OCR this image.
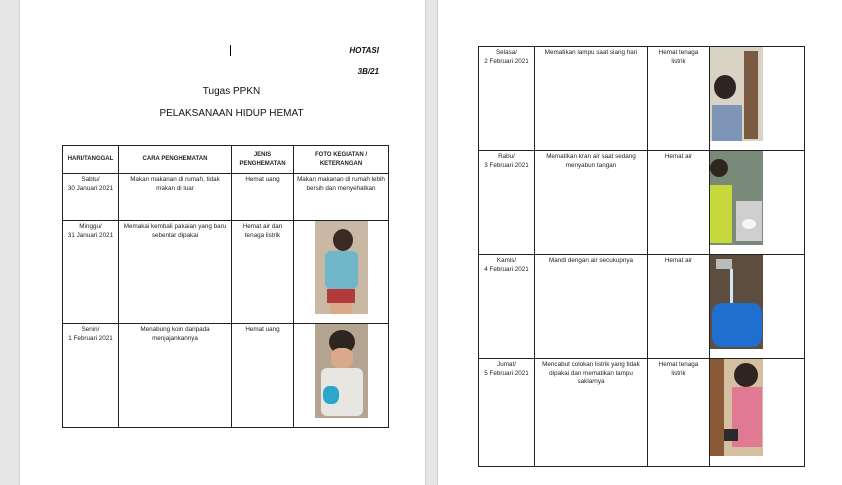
HOTASI
3B/21
Tugas PPKN
PELAKSANAAN HIDUP HEMAT
HARI/TANGGAL	CARA PENGHEMATAN	JENIS PENGHEMATAN	FOTO KEGIATAN / KETERANGAN

Sabtu/
30 Januari 2021	Makan makanan di rumah, tidak makan di luar	Hemat uang	Makan makanan di rumah lebih bersih dan menyehatkan

Minggu/
31 Januari 2021	Memakai kembali pakaian yang baru sebentar dipakai	Hemat air dan tenaga listrik	

Senin/
1 Februari 2021	Menabung koin daripada menjajankannya	Hemat uang	
Selasa/
2 Februari 2021	Mematikan lampu saat siang hari	Hemat tenaga listrik	

Rabu/
3 Februari 2021	Mematikan kran air saat sedang menyabun tangan	Hemat air	

Kamis/
4 Februari 2021	Mandi dengan air secukupnya	Hemat air	

Jumat/
5 Februari 2021	Mencabut colokan listrik yang tidak dipakai dan mematikan lampu saklarnya	Hemat tenaga listrik	
